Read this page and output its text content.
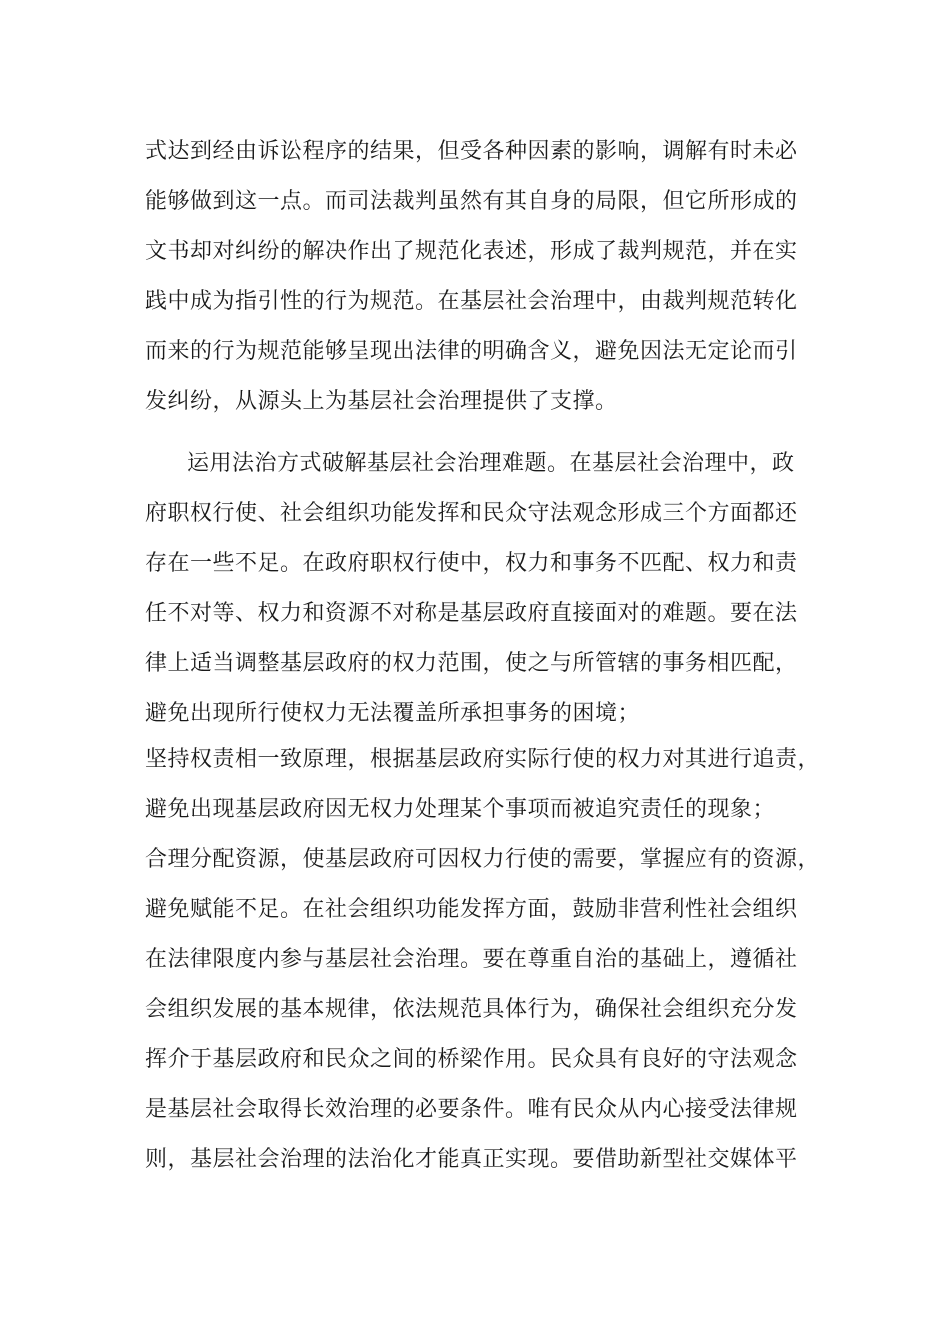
式达到经由诉讼程序的结果，但受各种因素的影响，调解有时未必
能够做到这一点。而司法裁判虽然有其自身的局限，但它所形成的
文书却对纠纷的解决作出了规范化表述，形成了裁判规范，并在实
践中成为指引性的行为规范。在基层社会治理中，由裁判规范转化
而来的行为规范能够呈现出法律的明确含义，避免因法无定论而引
发纠纷，从源头上为基层社会治理提供了支撑。
运用法治方式破解基层社会治理难题。在基层社会治理中，政
府职权行使、社会组织功能发挥和民众守法观念形成三个方面都还
存在一些不足。在政府职权行使中，权力和事务不匹配、权力和责
任不对等、权力和资源不对称是基层政府直接面对的难题。要在法
律上适当调整基层政府的权力范围，使之与所管辖的事务相匹配，
避免出现所行使权力无法覆盖所承担事务的困境；
坚持权责相一致原理，根据基层政府实际行使的权力对其进行追责，
避免出现基层政府因无权力处理某个事项而被追究责任的现象；
合理分配资源，使基层政府可因权力行使的需要，掌握应有的资源，
避免赋能不足。在社会组织功能发挥方面，鼓励非营利性社会组织
在法律限度内参与基层社会治理。要在尊重自治的基础上，遵循社
会组织发展的基本规律，依法规范具体行为，确保社会组织充分发
挥介于基层政府和民众之间的桥梁作用。民众具有良好的守法观念
是基层社会取得长效治理的必要条件。唯有民众从内心接受法律规
则，基层社会治理的法治化才能真正实现。要借助新型社交媒体平
